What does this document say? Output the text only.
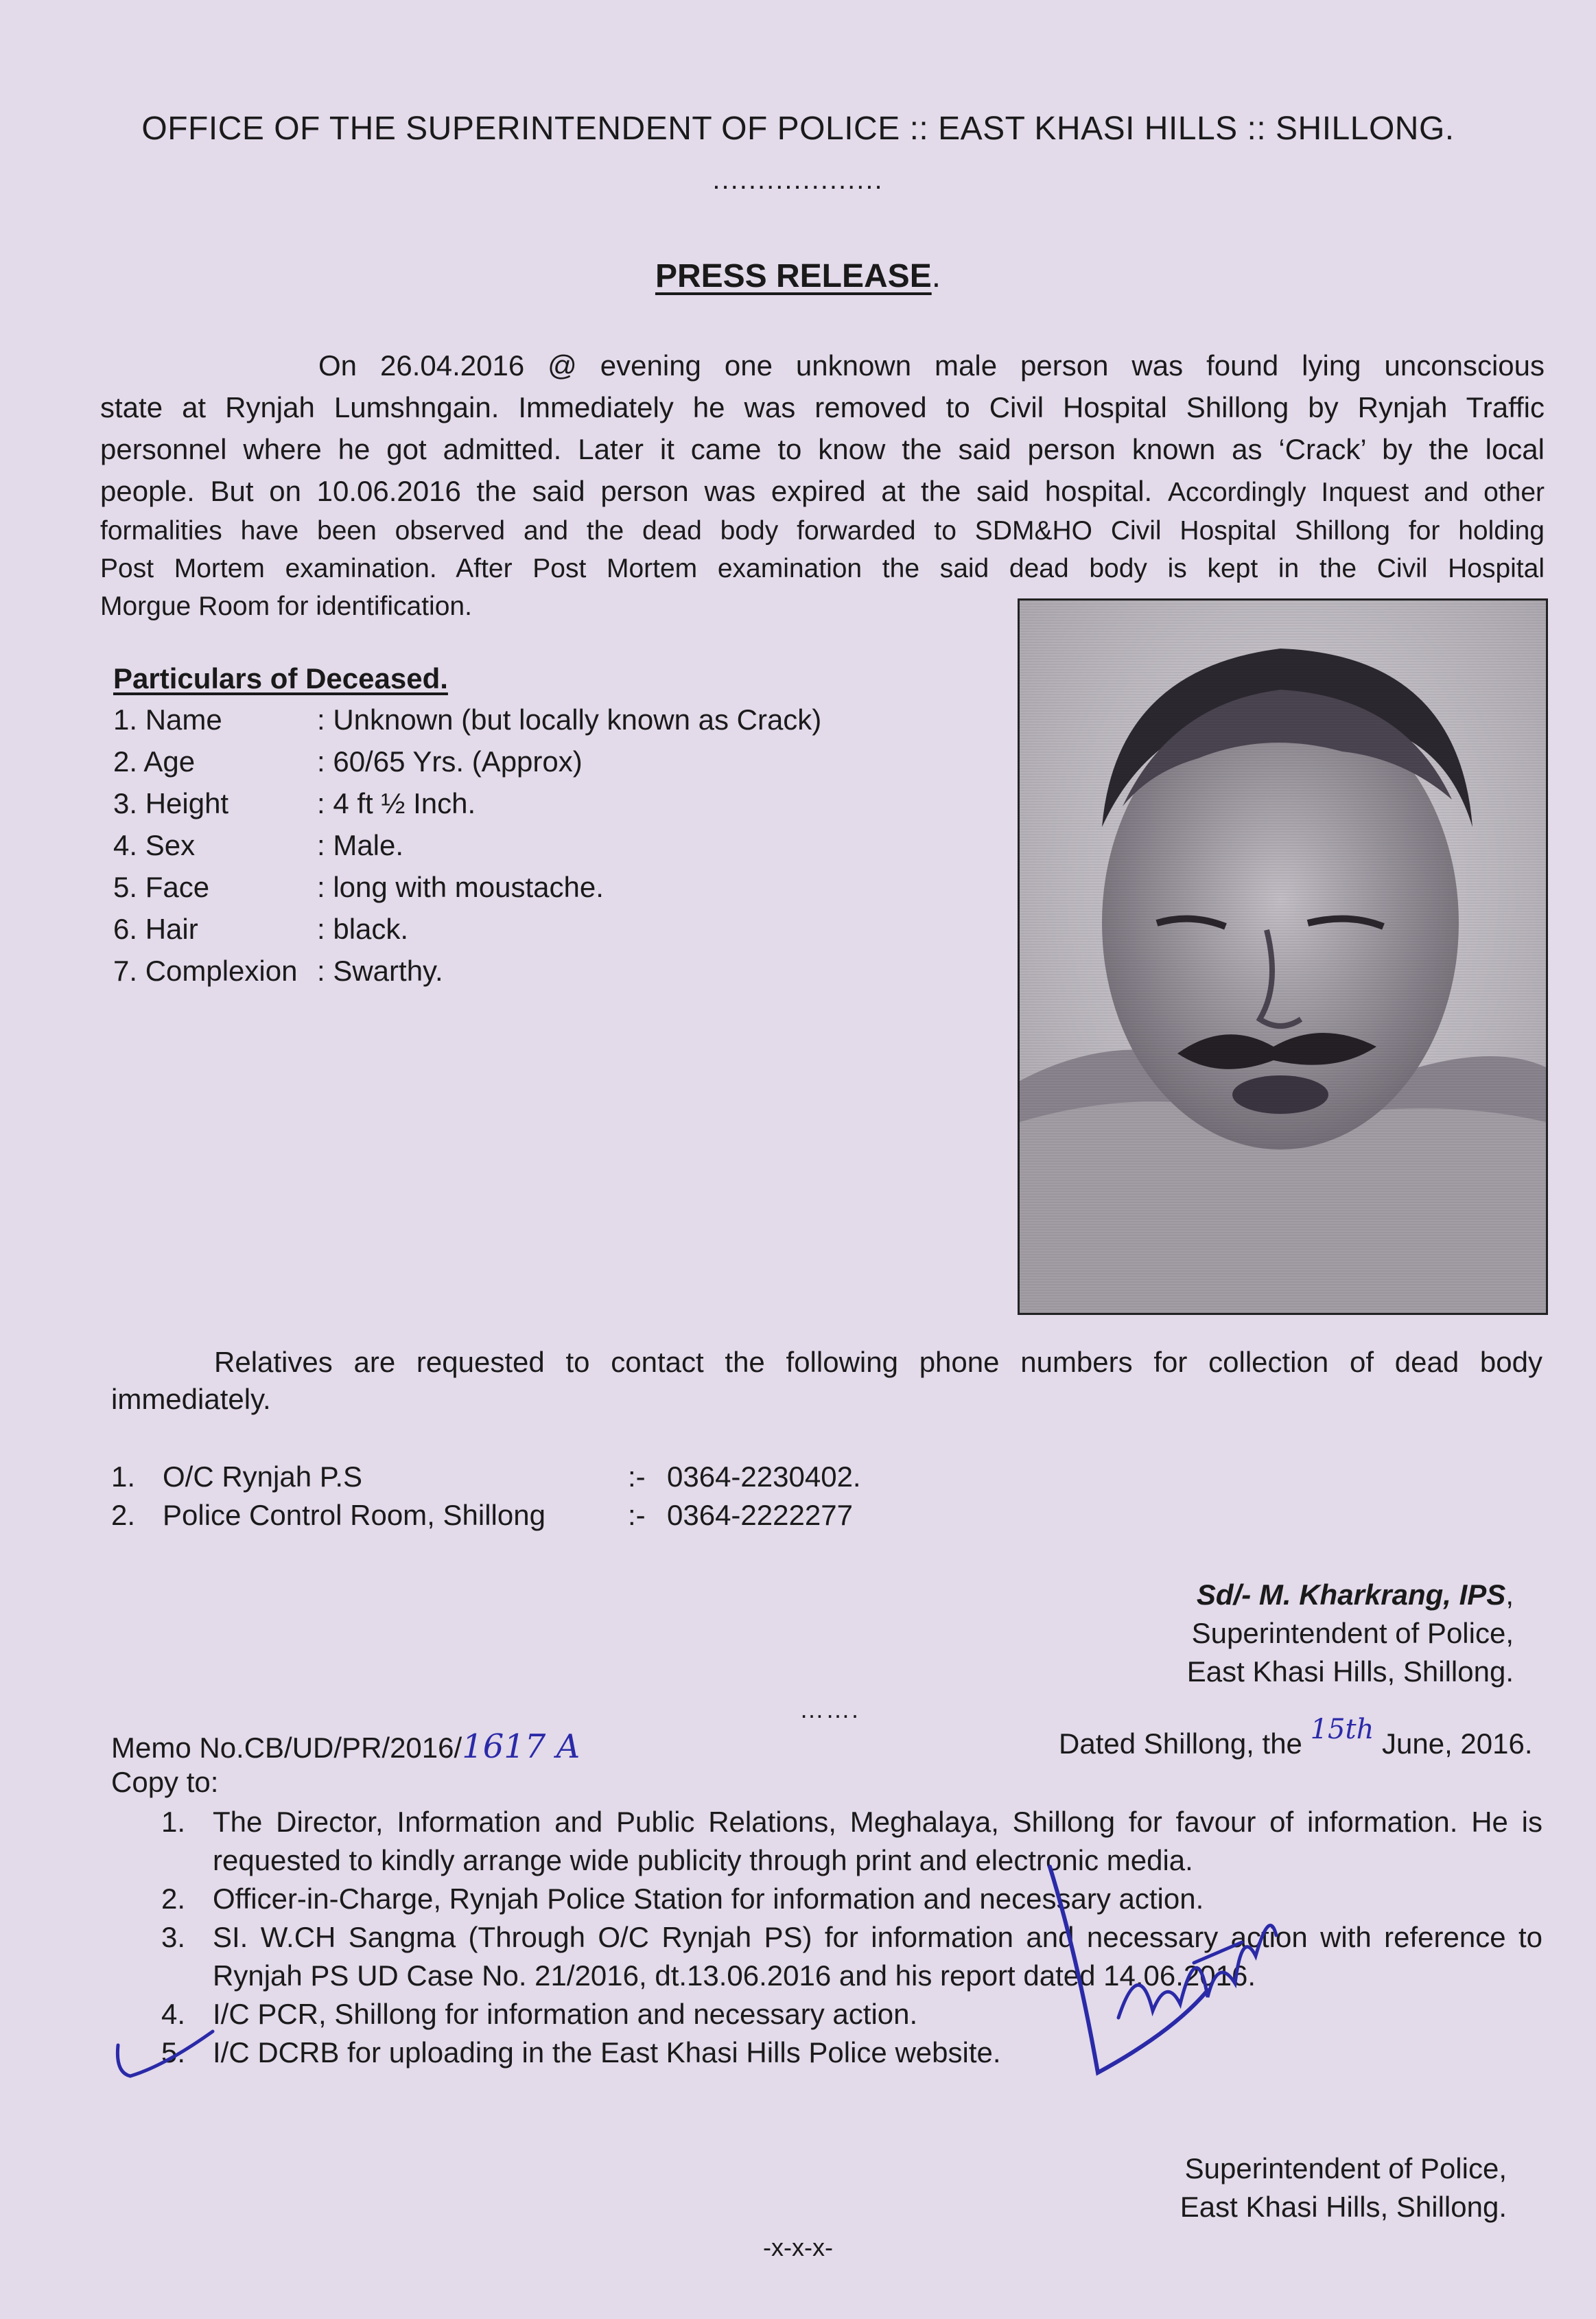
OFFICE OF THE SUPERINTENDENT OF POLICE :: EAST KHASI HILLS :: SHILLONG.
...................
PRESS RELEASE.
On 26.04.2016 @ evening one unknown male person was found lying unconscious
state at Rynjah Lumshngain. Immediately he was removed to Civil Hospital Shillong by Rynjah Traffic
personnel where he got admitted. Later it came to know the said person known as ‘Crack’ by the local
people. But on 10.06.2016 the said person was expired at the said hospital. Accordingly Inquest and other
formalities have been observed and the dead body forwarded to SDM&HO Civil Hospital Shillong for holding
Post Mortem examination. After Post Mortem examination the said dead body is kept in the Civil Hospital
Morgue Room for identification.
Particulars of Deceased.
1. Name	: Unknown (but locally known as Crack)
2. Age	: 60/65 Yrs. (Approx)
3. Height	: 4 ft ½ Inch.
4. Sex	: Male.
5. Face	: long with moustache.
6. Hair	: black.
7. Complexion : Swarthy.
Relatives are requested to contact the following phone numbers for collection of dead body
immediately.
1. O/C Rynjah P.S	:- 0364-2230402.
2. Police Control Room, Shillong	:- 0364-2222277
Sd/- M. Kharkrang, IPS,
Superintendent of Police,
East Khasi Hills, Shillong.
…….
Memo No.CB/UD/PR/2016/1617 A	Dated Shillong, the 15th June, 2016.
Copy to:
1. The Director, Information and Public Relations, Meghalaya, Shillong for favour of information. He is
requested to kindly arrange wide publicity through print and electronic media.
2. Officer-in-Charge, Rynjah Police Station for information and necessary action.
3. SI. W.CH Sangma (Through O/C Rynjah PS) for information and necessary action with reference to
Rynjah PS UD Case No. 21/2016, dt.13.06.2016 and his report dated 14.06.2016.
4. I/C PCR, Shillong for information and necessary action.
5. I/C DCRB for uploading in the East Khasi Hills Police website.
Superintendent of Police,
East Khasi Hills, Shillong.
-x-x-x-
